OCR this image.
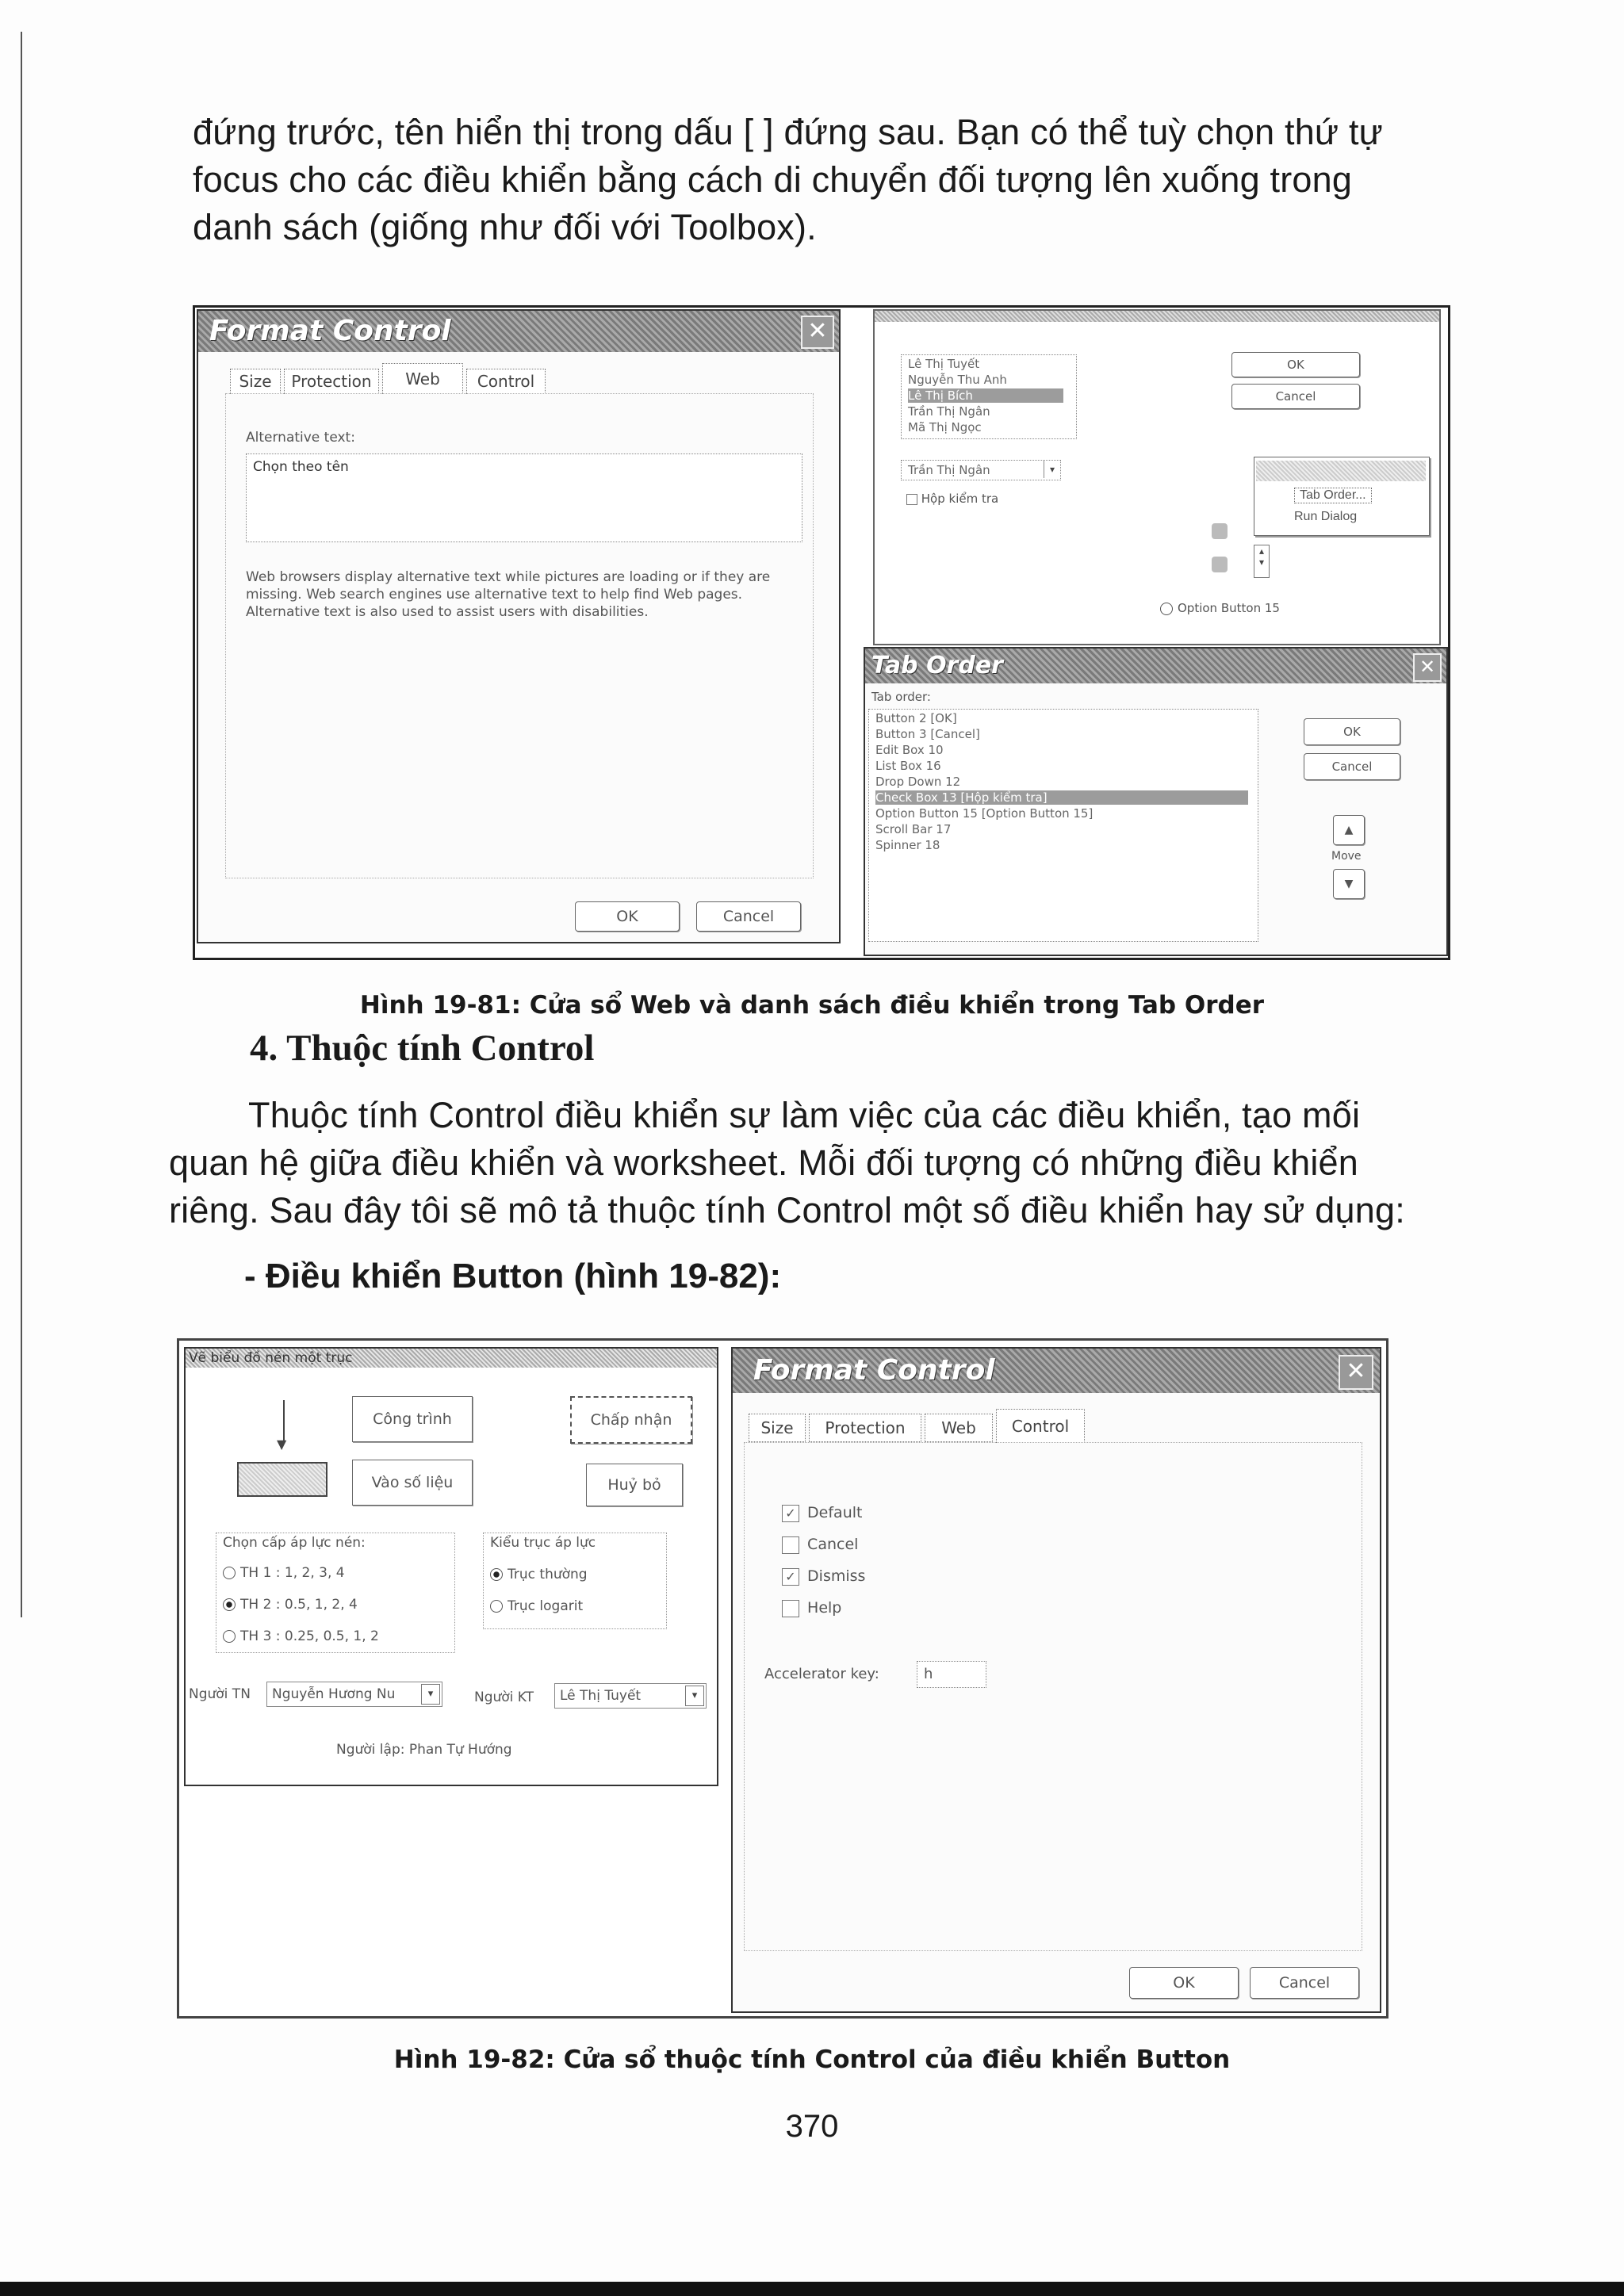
đứng trước, tên hiển thị trong dấu [ ] đứng sau. Bạn có thể tuỳ chọn thứ tự
focus cho các điều khiển bằng cách di chuyển đối tượng lên xuống trong
danh sách (giống như đối với Toolbox).
Format Control	✕
Size	Protection	Web	Control
Alternative text:
Chọn theo tên
Web browsers display alternative text while pictures are loading or if they are missing. Web search engines use alternative text to help find Web pages. Alternative text is also used to assist users with disabilities.
OK	Cancel
Lê Thị Tuyết
Nguyễn Thu Anh
Lê Thị Bích
Trần Thị Ngân
Mã Thị Ngọc
Trần Thị Ngân	▾
Hộp kiểm tra
OK
Cancel
Option Button 15
▴
▾
Tab Order...
Run Dialog
Tab Order	✕
Tab order:
Button 2 [OK]
Button 3 [Cancel]
Edit Box 10
List Box 16
Drop Down 12
Check Box 13 [Hộp kiểm tra]
Option Button 15 [Option Button 15]
Scroll Bar 17
Spinner 18
OK
Cancel
▲
Move
▼
Hình 19-81: Cửa sổ Web và danh sách điều khiển trong Tab Order
4. Thuộc tính Control
Thuộc tính Control điều khiển sự làm việc của các điều khiển, tạo mối
quan hệ giữa điều khiển và worksheet. Mỗi đối tượng có những điều khiển
riêng. Sau đây tôi sẽ mô tả thuộc tính Control một số điều khiển hay sử dụng:
- Điều khiển Button (hình 19-82):
Vẽ biểu đồ nén một trục
▼
Công trình	Chấp nhận
Vào số liệu	Huỷ bỏ
Chọn cấp áp lực nén:
TH 1 : 1, 2, 3, 4
TH 2 : 0.5, 1, 2, 4
TH 3 : 0.25, 0.5, 1, 2
Kiểu trục áp lực
Trục thường
Trục logarit
Người TN Nguyễn Hương Nu	▾	Người KT Lê Thị Tuyết	▾
Người lập: Phan Tự Hướng
Format Control	✕
Size	Protection	Web	Control
✓ Default
Cancel
✓ Dismiss
Help
Accelerator key:	h
OK	Cancel
Hình 19-82: Cửa sổ thuộc tính Control của điều khiển Button
370
